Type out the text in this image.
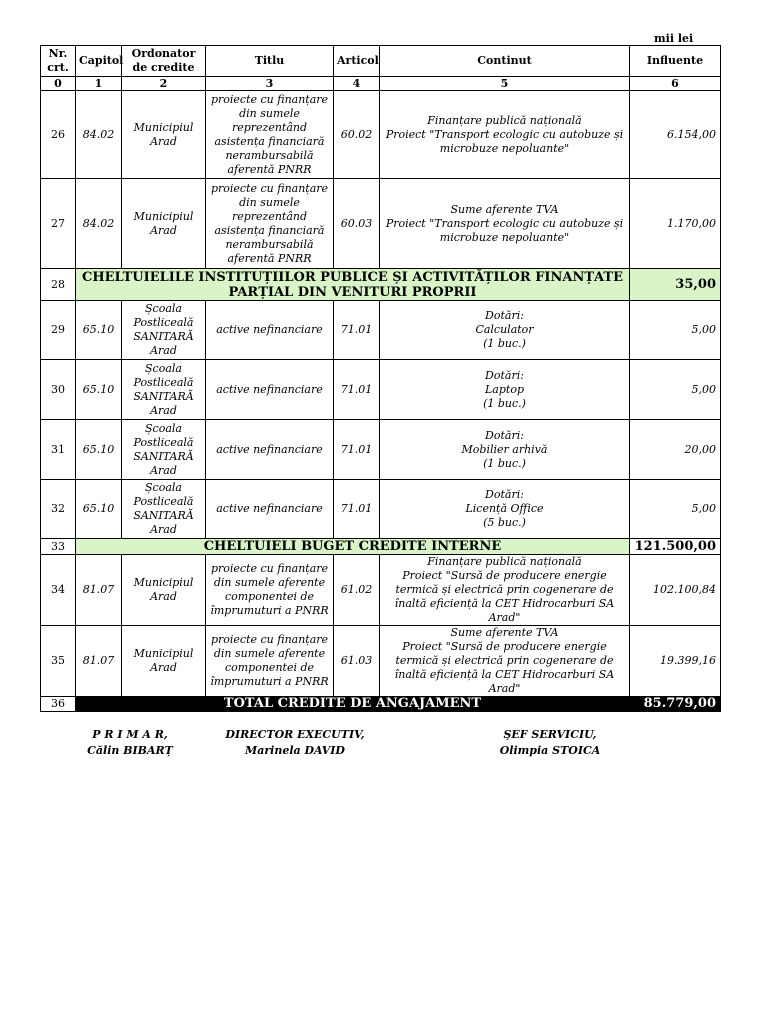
mii lei
Nr. crt.	Capitol	Ordonator de credite	Titlu	Articol	Continut	Influente
0	1	2	3	4	5	6
26	84.02	Municipiul Arad	proiecte cu finanțare din sumele reprezentând asistența financiară nerambursabilă aferentă PNRR	60.02	Finanțare publică națională
Proiect "Transport ecologic cu autobuze și microbuze nepoluante"	6.154,00
27	84.02	Municipiul Arad	proiecte cu finanțare din sumele reprezentând asistența financiară nerambursabilă aferentă PNRR	60.03	Sume aferente TVA
Proiect "Transport ecologic cu autobuze și microbuze nepoluante"	1.170,00
28	CHELTUIELILE INSTITUȚIILOR PUBLICE ȘI ACTIVITĂȚILOR FINANȚATE PARȚIAL DIN VENITURI PROPRII					35,00
29	65.10	Școala Postliceală SANITARĂ Arad	active nefinanciare	71.01	Dotări:
Calculator
(1 buc.)	5,00
30	65.10	Școala Postliceală SANITARĂ Arad	active nefinanciare	71.01	Dotări:
Laptop
(1 buc.)	5,00
31	65.10	Școala Postliceală SANITARĂ Arad	active nefinanciare	71.01	Dotări:
Mobilier arhivă
(1 buc.)	20,00
32	65.10	Școala Postliceală SANITARĂ Arad	active nefinanciare	71.01	Dotări:
Licență Office
(5 buc.)	5,00
33	CHELTUIELI BUGET CREDITE INTERNE					121.500,00
34	81.07	Municipiul Arad	proiecte cu finanțare din sumele aferente componentei de împrumuturi a PNRR	61.02	Finanțare publică națională
Proiect "Sursă de producere energie termică și electrică prin cogenerare de înaltă eficiență la CET Hidrocarburi SA Arad"	102.100,84
35	81.07	Municipiul Arad	proiecte cu finanțare din sumele aferente componentei de împrumuturi a PNRR	61.03	Sume aferente TVA
Proiect "Sursă de producere energie termică și electrică prin cogenerare de înaltă eficiență la CET Hidrocarburi SA Arad"	19.399,16
36	TOTAL CREDITE DE ANGAJAMENT					85.779,00
P R I M A R,
Călin BIBARȚ
DIRECTOR EXECUTIV,
Marinela DAVID
ȘEF SERVICIU,
Olimpia STOICA
